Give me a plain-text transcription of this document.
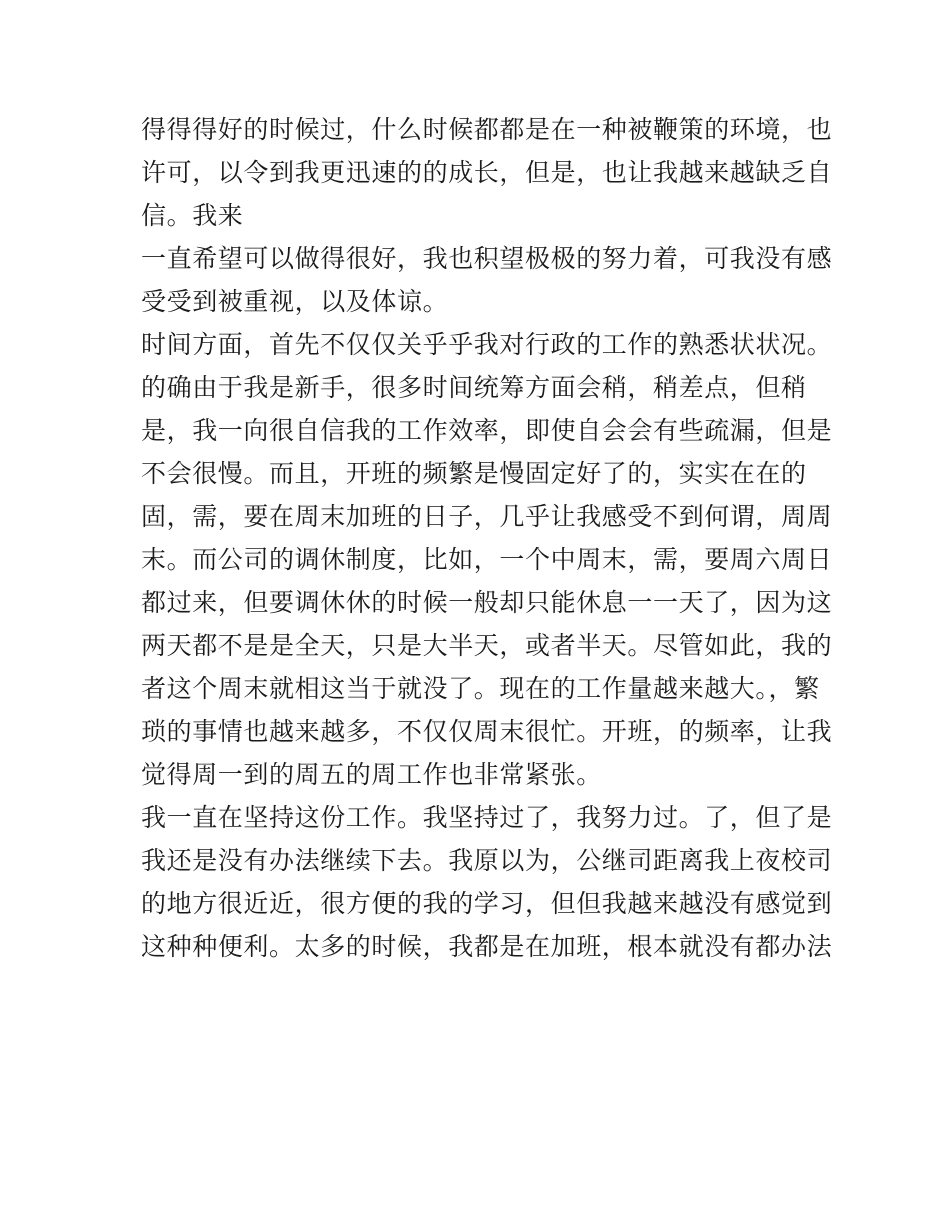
得得得好的时候过，什么时候都都是在一种被鞭策的环境，也
许可，以令到我更迅速的的成长，但是，也让我越来越缺乏自
信。我来
一直希望可以做得很好，我也积望极极的努力着，可我没有感
受受到被重视，以及体谅。
时间方面，首先不仅仅关乎乎我对行政的工作的熟悉状状况。
的确由于我是新手，很多时间统筹方面会稍，稍差点，但稍
是，我一向很自信我的工作效率，即使自会会有些疏漏，但是
不会很慢。而且，开班的频繁是慢固定好了的，实实在在的
固，需，要在周末加班的日子，几乎让我感受不到何谓，周周
末。而公司的调休制度，比如，一个中周末，需，要周六周日
都过来，但要调休休的时候一般却只能休息一一天了，因为这
两天都不是是全天，只是大半天，或者半天。尽管如此，我的
者这个周末就相这当于就没了。现在的工作量越来越大。，繁
琐的事情也越来越多，不仅仅周末很忙。开班，的频率，让我
觉得周一到的周五的周工作也非常紧张。
我一直在坚持这份工作。我坚持过了，我努力过。了，但了是
我还是没有办法继续下去。我原以为，公继司距离我上夜校司
的地方很近近，很方便的我的学习，但但我越来越没有感觉到
这种种便利。太多的时候，我都是在加班，根本就没有都办法
